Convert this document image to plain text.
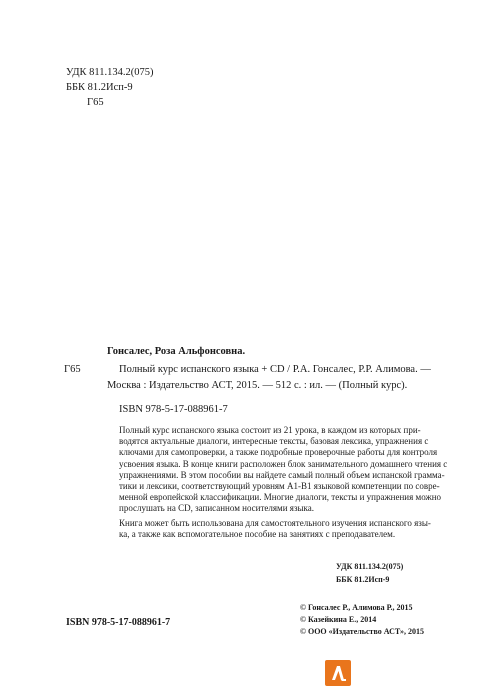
УДК 811.134.2(075)
ББК 81.2Исп-9
Г65
Гонсалес, Роза Альфонсовна.
Г65	Полный курс испанского языка + CD / Р.А. Гонсалес, Р.Р. Алимова. —
Москва : Издательство АСТ, 2015. — 512 с. : ил. — (Полный курс).
ISBN 978-5-17-088961-7
Полный курс испанского языка состоит из 21 урока, в каждом из которых при-
водятся актуальные диалоги, интересные тексты, базовая лексика, упражнения с
ключами для самопроверки, а также подробные проверочные работы для контроля
усвоения языка. В конце книги расположен блок занимательного домашнего чтения с
упражнениями. В этом пособии вы найдете самый полный объем испанской грамма-
тики и лексики, соответствующий уровням А1-В1 языковой компетенции по совре-
менной европейской классификации. Многие диалоги, тексты и упражнения можно
прослушать на CD, записанном носителями языка.
Книга может быть использована для самостоятельного изучения испанского язы-
ка, а также как вспомогательное пособие на занятиях с преподавателем.
УДК 811.134.2(075)
ББК 81.2Исп-9
ISBN 978-5-17-088961-7
© Гонсалес Р., Алимова Р., 2015
© Казейкина Е., 2014
© ООО «Издательство АСТ», 2015
